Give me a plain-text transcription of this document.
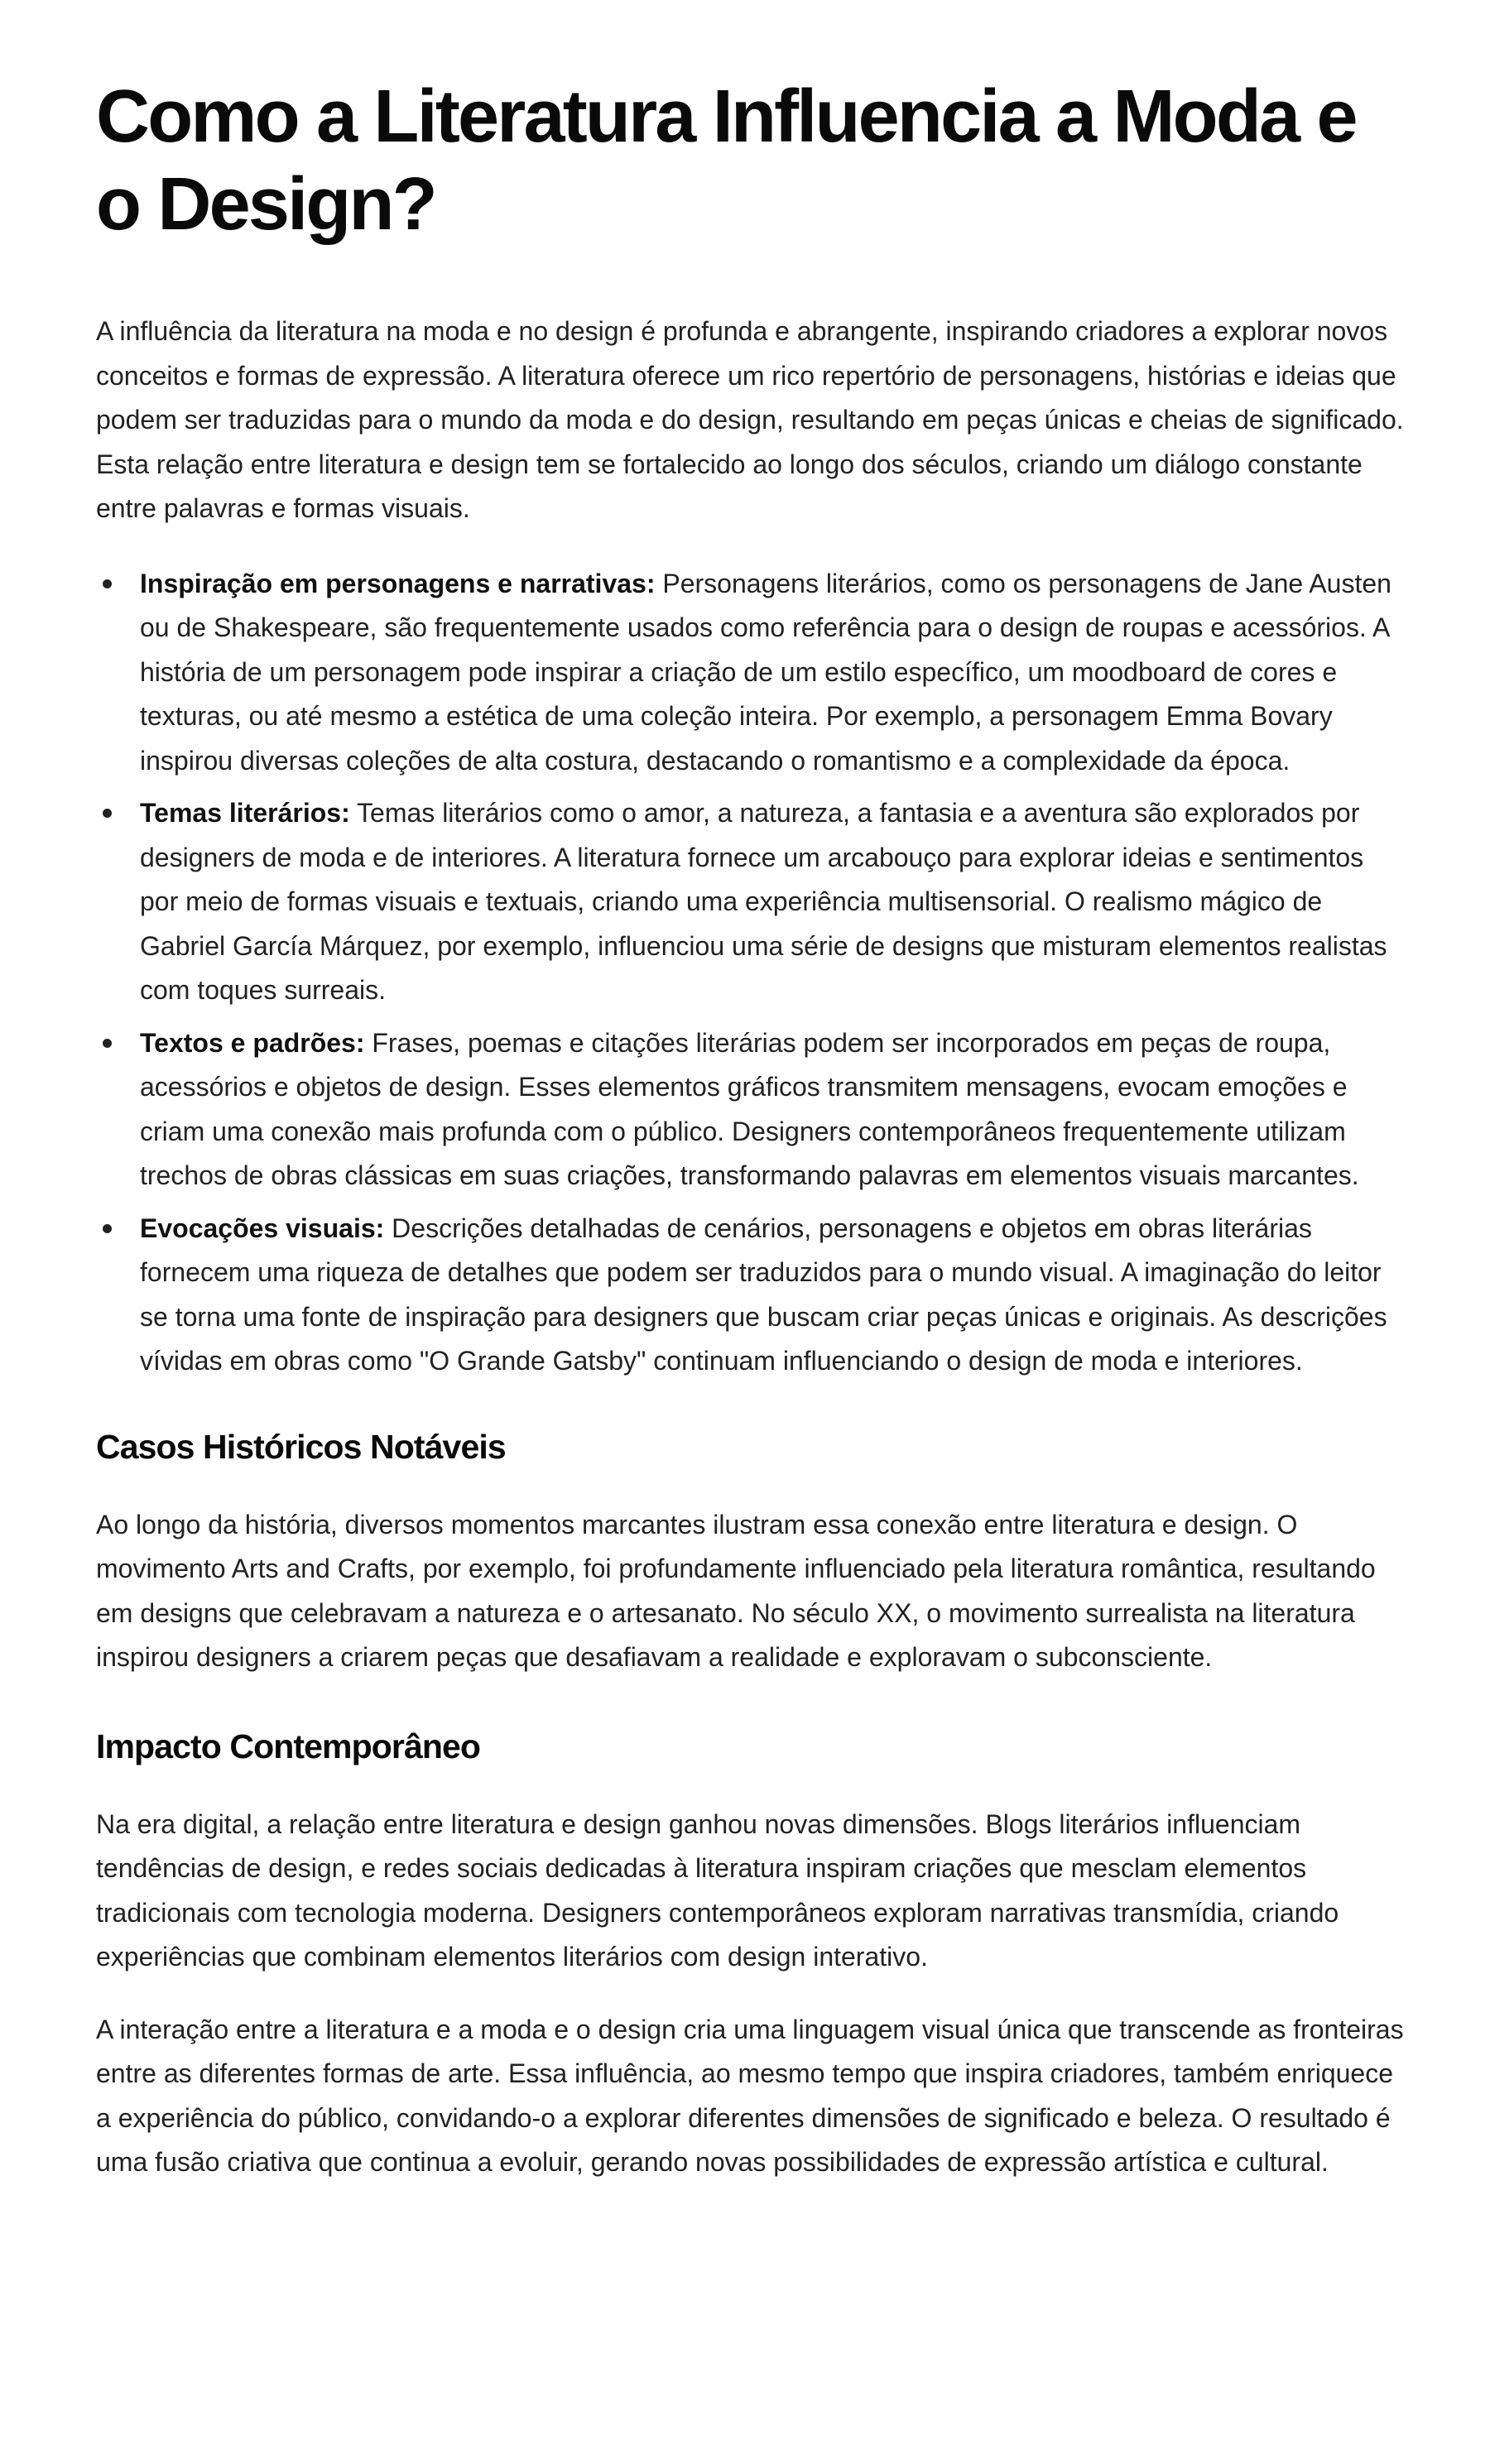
Como a Literatura Influencia a Moda e o Design?

A influência da literatura na moda e no design é profunda e abrangente, inspirando criadores a explorar novos conceitos e formas de expressão. A literatura oferece um rico repertório de personagens, histórias e ideias que podem ser traduzidas para o mundo da moda e do design, resultando em peças únicas e cheias de significado. Esta relação entre literatura e design tem se fortalecido ao longo dos séculos, criando um diálogo constante entre palavras e formas visuais.

Inspiração em personagens e narrativas: Personagens literários, como os personagens de Jane Austen ou de Shakespeare, são frequentemente usados como referência para o design de roupas e acessórios. A história de um personagem pode inspirar a criação de um estilo específico, um moodboard de cores e texturas, ou até mesmo a estética de uma coleção inteira. Por exemplo, a personagem Emma Bovary inspirou diversas coleções de alta costura, destacando o romantismo e a complexidade da época.
Temas literários: Temas literários como o amor, a natureza, a fantasia e a aventura são explorados por designers de moda e de interiores. A literatura fornece um arcabouço para explorar ideias e sentimentos por meio de formas visuais e textuais, criando uma experiência multisensorial. O realismo mágico de Gabriel García Márquez, por exemplo, influenciou uma série de designs que misturam elementos realistas com toques surreais.
Textos e padrões: Frases, poemas e citações literárias podem ser incorporados em peças de roupa, acessórios e objetos de design. Esses elementos gráficos transmitem mensagens, evocam emoções e criam uma conexão mais profunda com o público. Designers contemporâneos frequentemente utilizam trechos de obras clássicas em suas criações, transformando palavras em elementos visuais marcantes.
Evocações visuais: Descrições detalhadas de cenários, personagens e objetos em obras literárias fornecem uma riqueza de detalhes que podem ser traduzidos para o mundo visual. A imaginação do leitor se torna uma fonte de inspiração para designers que buscam criar peças únicas e originais. As descrições vívidas em obras como "O Grande Gatsby" continuam influenciando o design de moda e interiores.
Casos Históricos Notáveis

Ao longo da história, diversos momentos marcantes ilustram essa conexão entre literatura e design. O movimento Arts and Crafts, por exemplo, foi profundamente influenciado pela literatura romântica, resultando em designs que celebravam a natureza e o artesanato. No século XX, o movimento surrealista na literatura inspirou designers a criarem peças que desafiavam a realidade e exploravam o subconsciente.

Impacto Contemporâneo

Na era digital, a relação entre literatura e design ganhou novas dimensões. Blogs literários influenciam tendências de design, e redes sociais dedicadas à literatura inspiram criações que mesclam elementos tradicionais com tecnologia moderna. Designers contemporâneos exploram narrativas transmídia, criando experiências que combinam elementos literários com design interativo.

A interação entre a literatura e a moda e o design cria uma linguagem visual única que transcende as fronteiras entre as diferentes formas de arte. Essa influência, ao mesmo tempo que inspira criadores, também enriquece a experiência do público, convidando-o a explorar diferentes dimensões de significado e beleza. O resultado é uma fusão criativa que continua a evoluir, gerando novas possibilidades de expressão artística e cultural.
